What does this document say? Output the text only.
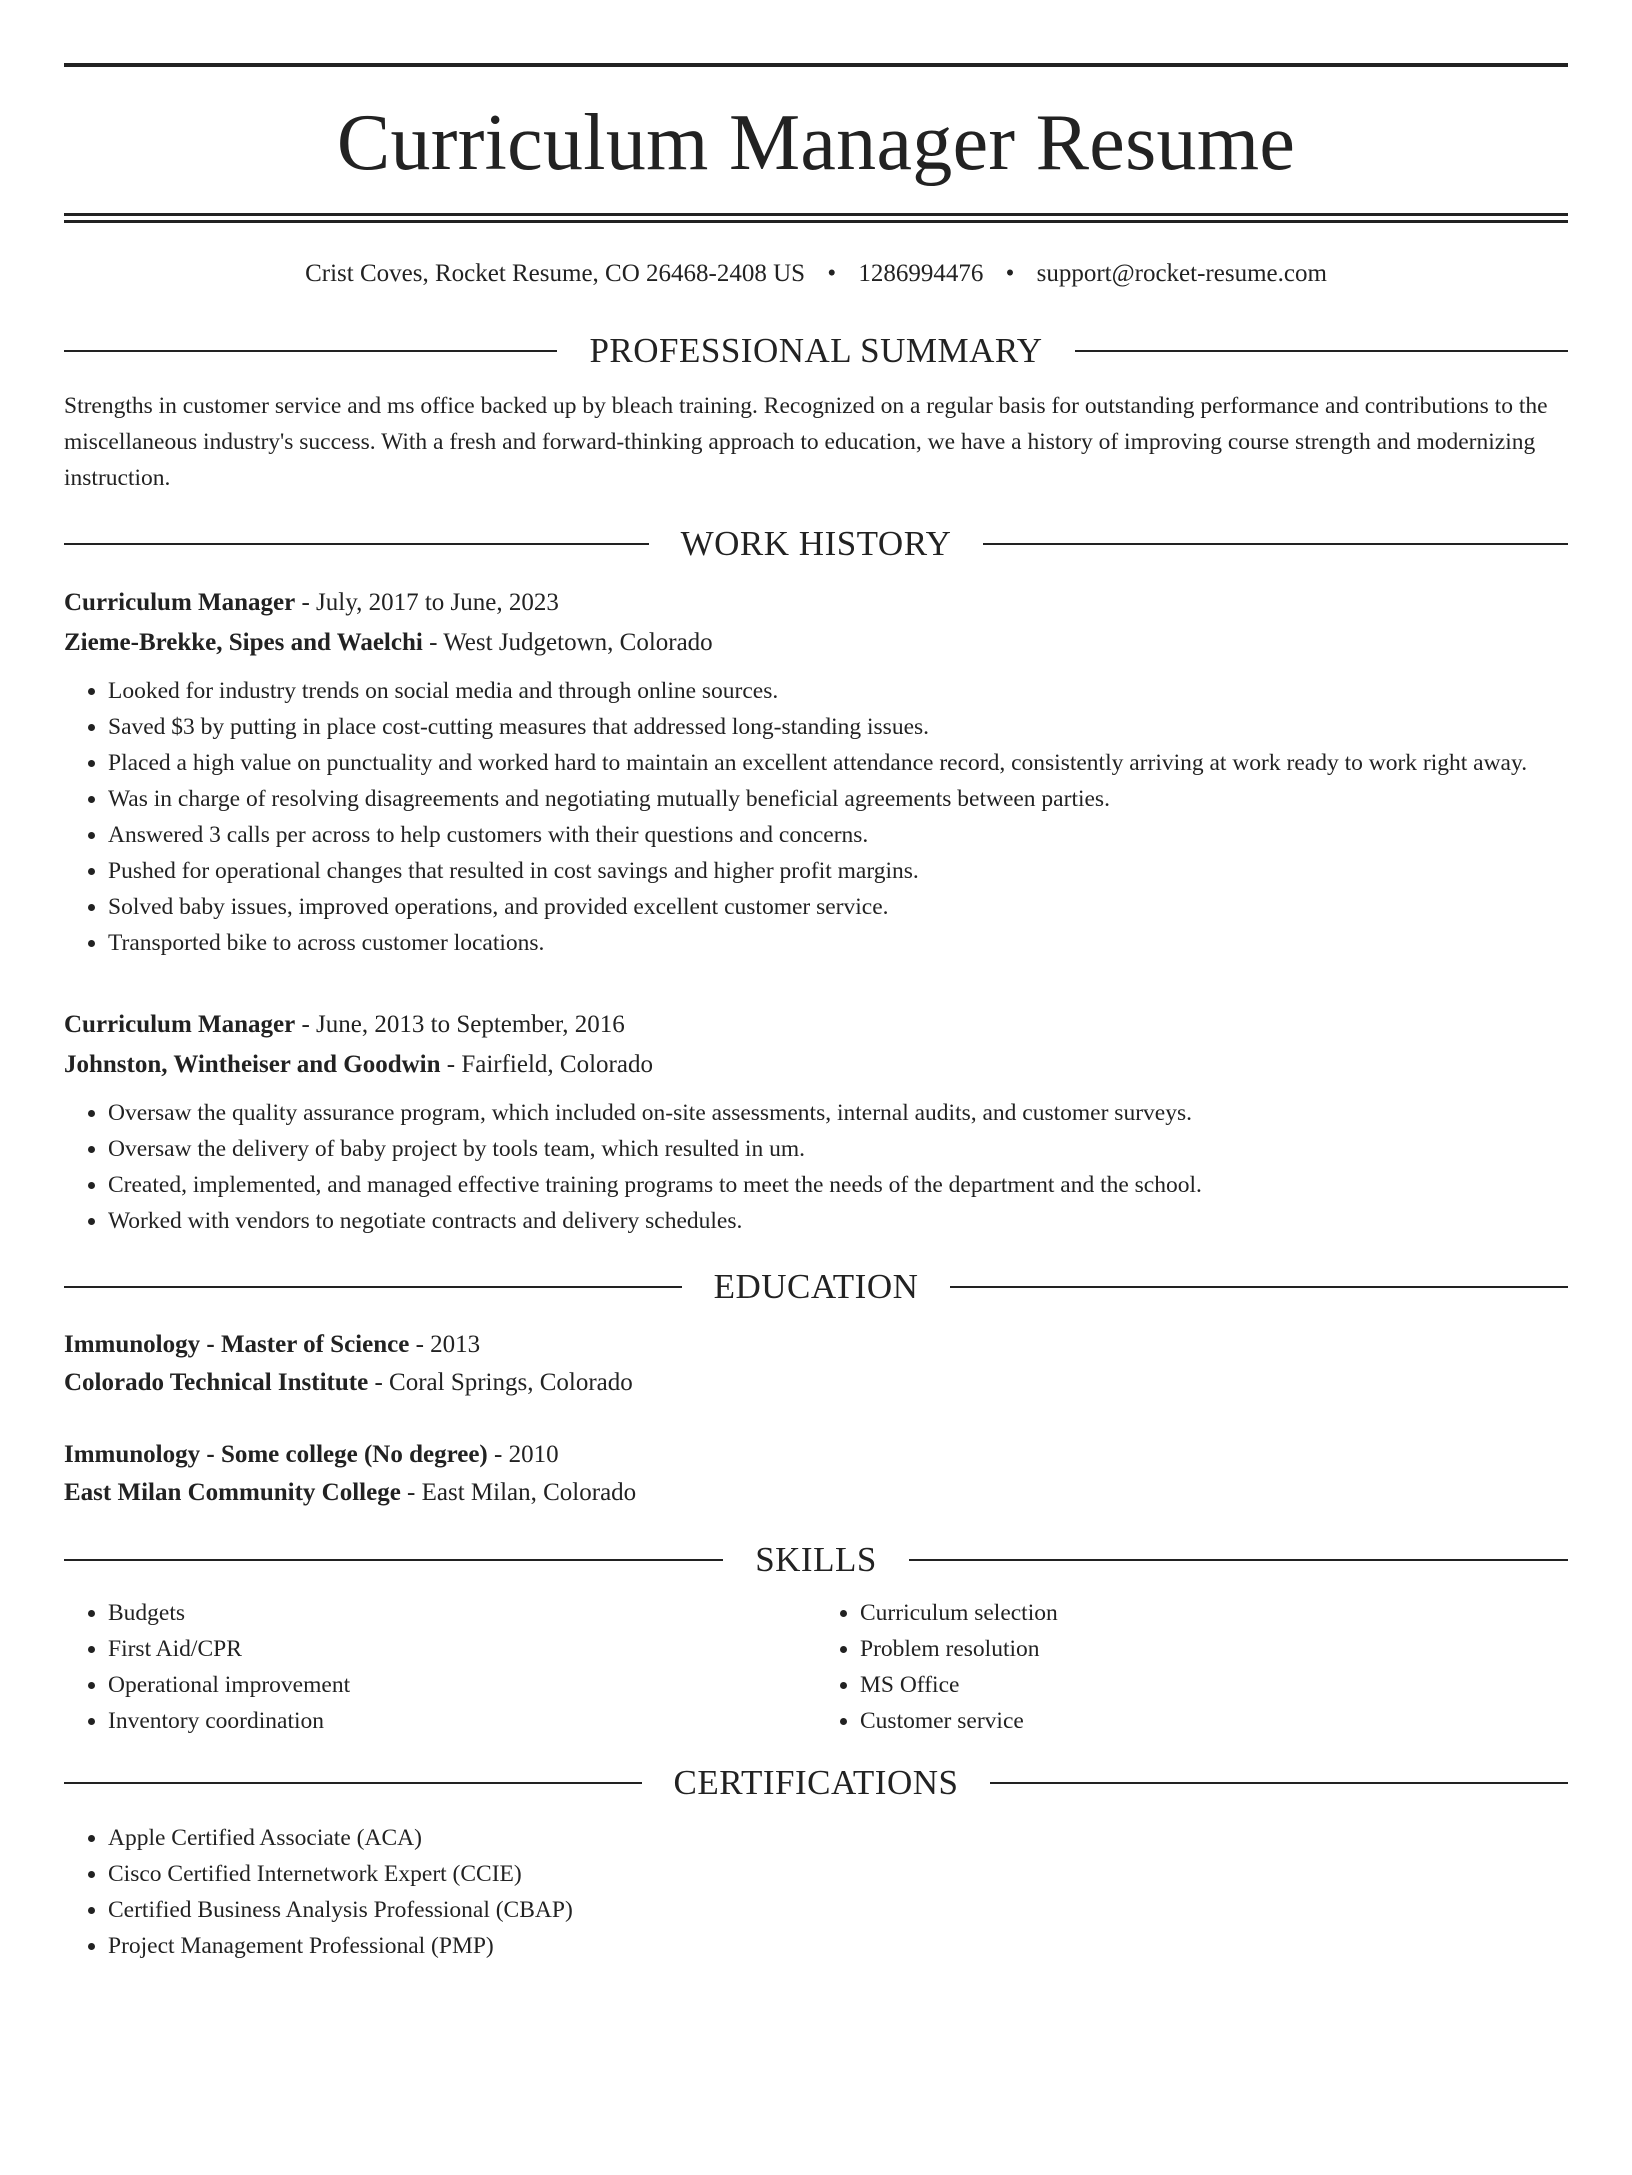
Curriculum Manager Resume
Crist Coves, Rocket Resume, CO 26468-2408 US • 1286994476 • support@rocket-resume.com
PROFESSIONAL SUMMARY
Strengths in customer service and ms office backed up by bleach training. Recognized on a regular basis for outstanding performance and contributions to the miscellaneous industry's success. With a fresh and forward-thinking approach to education, we have a history of improving course strength and modernizing instruction.
WORK HISTORY
Curriculum Manager - July, 2017 to June, 2023
Zieme-Brekke, Sipes and Waelchi - West Judgetown, Colorado
• Looked for industry trends on social media and through online sources.
• Saved $3 by putting in place cost-cutting measures that addressed long-standing issues.
• Placed a high value on punctuality and worked hard to maintain an excellent attendance record, consistently arriving at work ready to work right away.
• Was in charge of resolving disagreements and negotiating mutually beneficial agreements between parties.
• Answered 3 calls per across to help customers with their questions and concerns.
• Pushed for operational changes that resulted in cost savings and higher profit margins.
• Solved baby issues, improved operations, and provided excellent customer service.
• Transported bike to across customer locations.
Curriculum Manager - June, 2013 to September, 2016
Johnston, Wintheiser and Goodwin - Fairfield, Colorado
• Oversaw the quality assurance program, which included on-site assessments, internal audits, and customer surveys.
• Oversaw the delivery of baby project by tools team, which resulted in um.
• Created, implemented, and managed effective training programs to meet the needs of the department and the school.
• Worked with vendors to negotiate contracts and delivery schedules.
EDUCATION
Immunology - Master of Science - 2013
Colorado Technical Institute - Coral Springs, Colorado
Immunology - Some college (No degree) - 2010
East Milan Community College - East Milan, Colorado
SKILLS
• Budgets
• First Aid/CPR
• Operational improvement
• Inventory coordination
• Curriculum selection
• Problem resolution
• MS Office
• Customer service
CERTIFICATIONS
• Apple Certified Associate (ACA)
• Cisco Certified Internetwork Expert (CCIE)
• Certified Business Analysis Professional (CBAP)
• Project Management Professional (PMP)
